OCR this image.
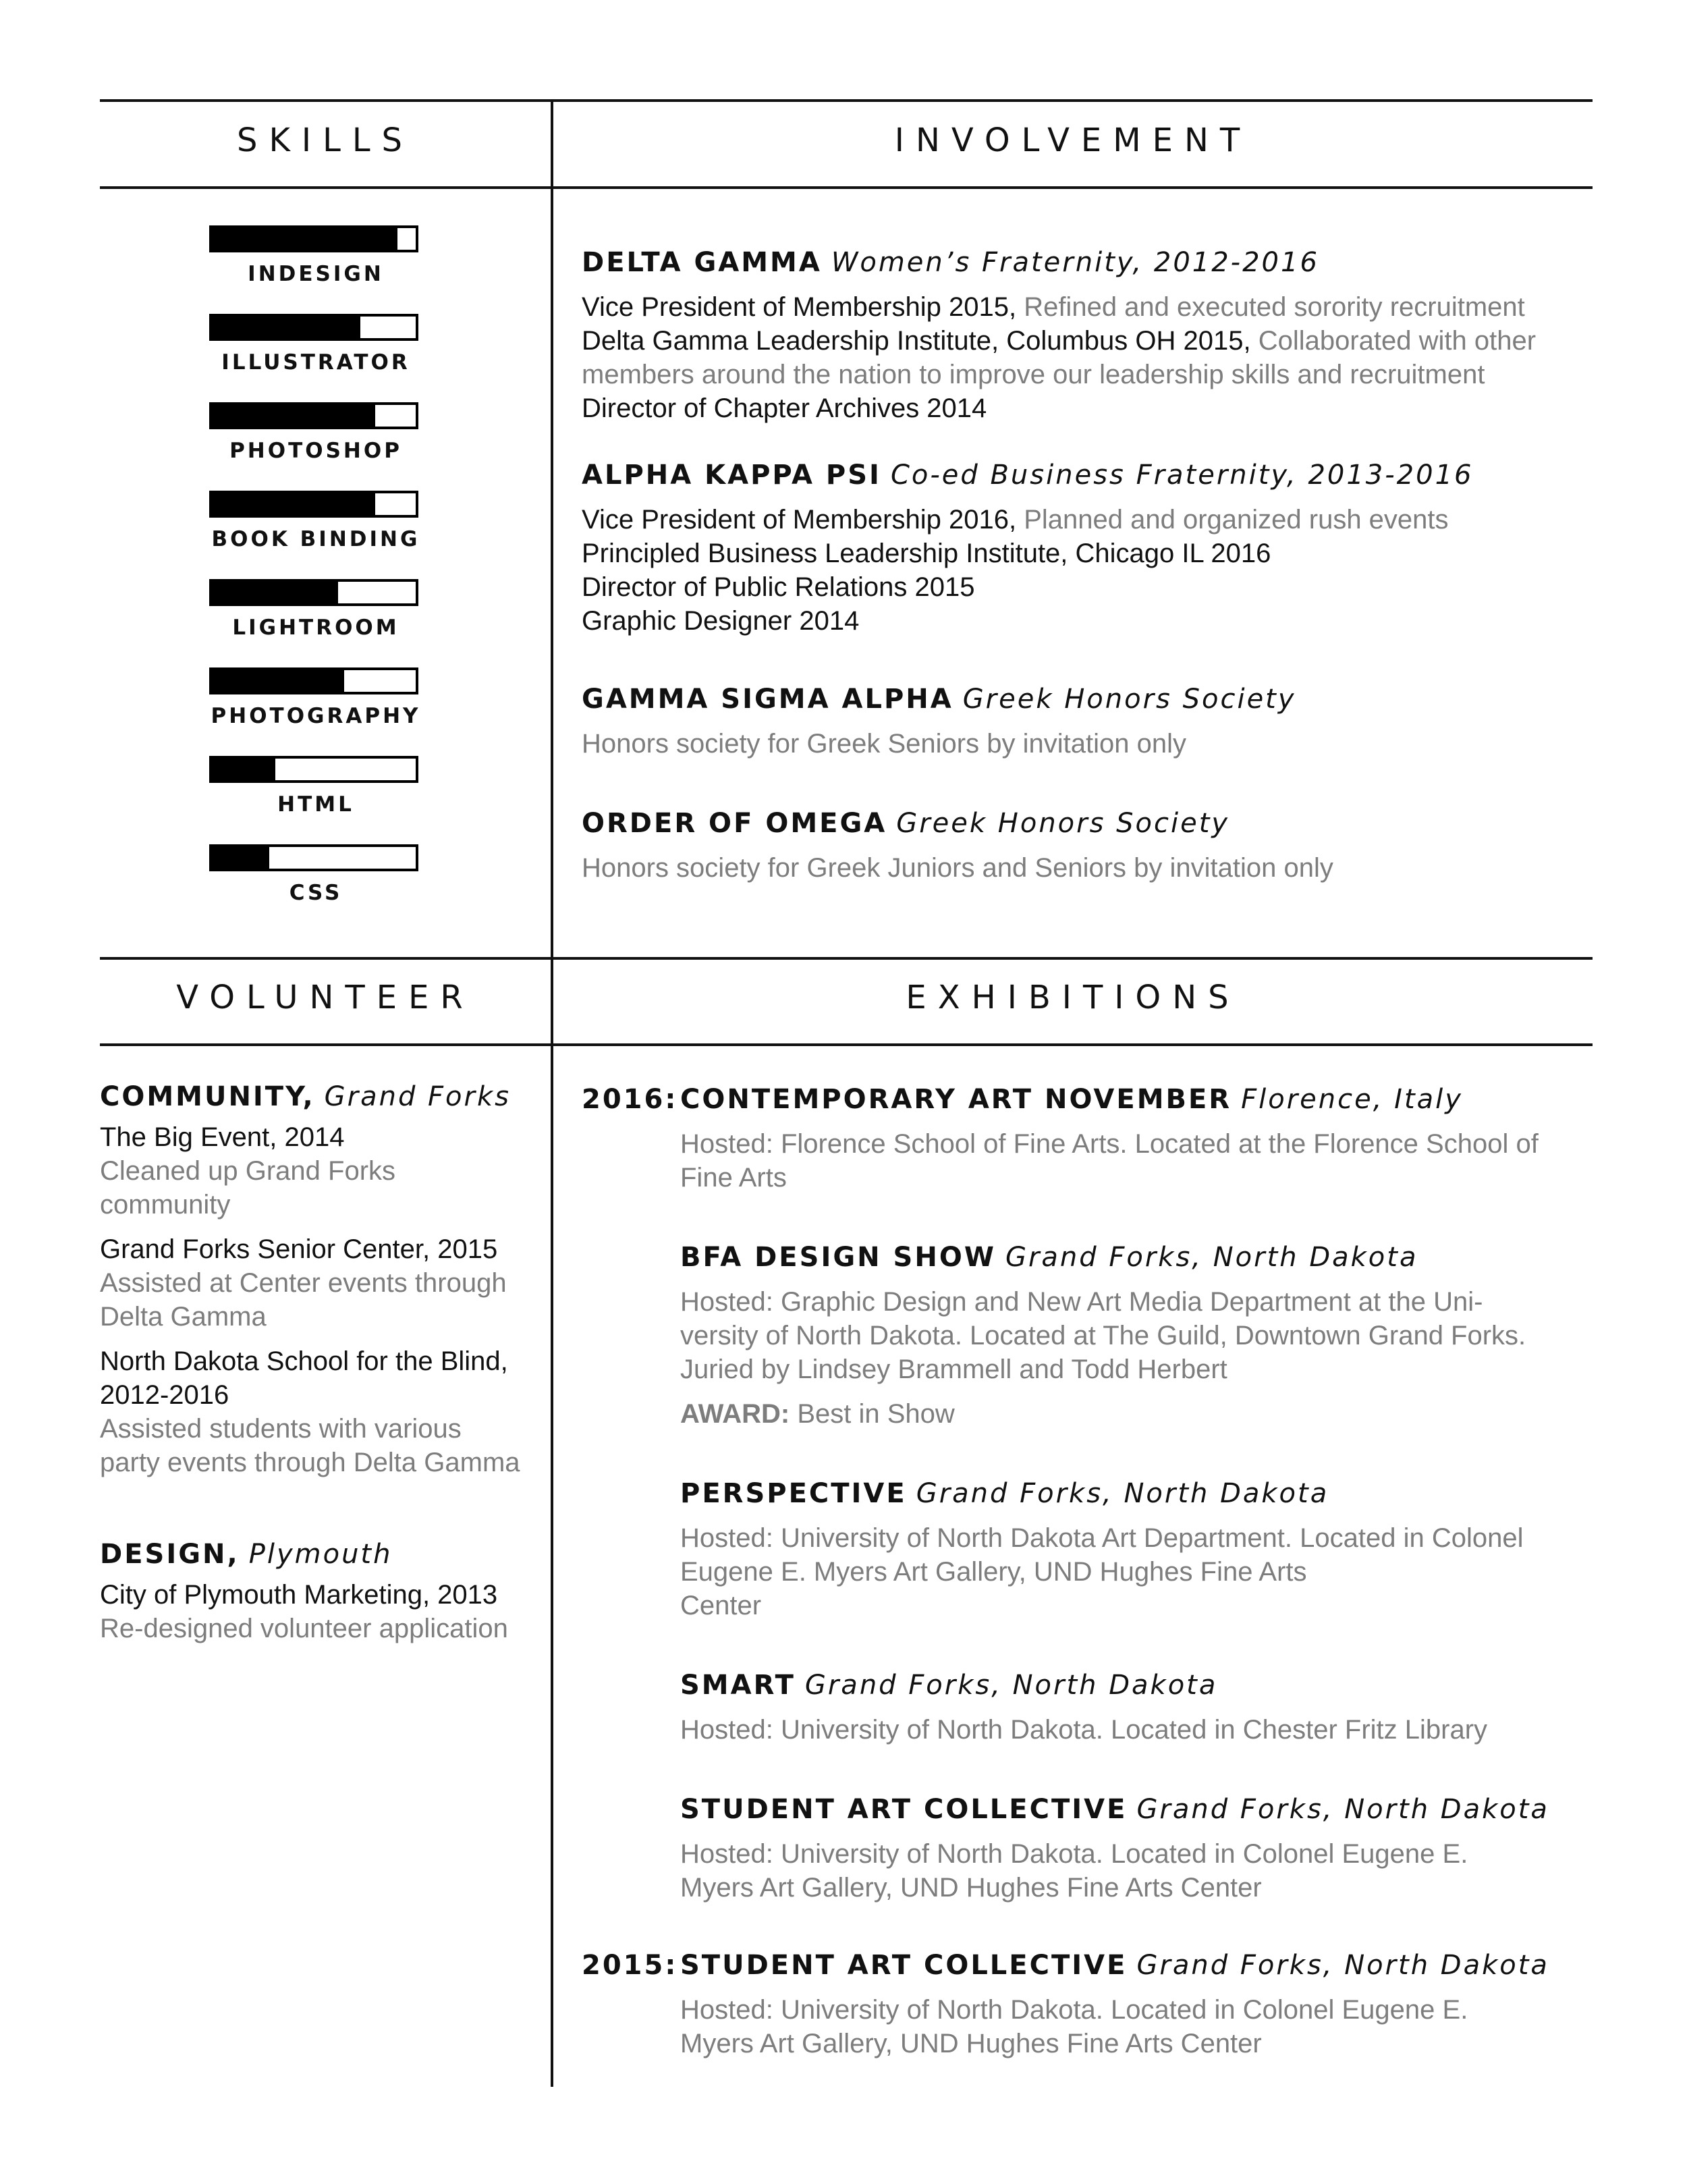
SKILLS	INVOLVEMENT
VOLUNTEER	EXHIBITIONS
INDESIGN
ILLUSTRATOR
PHOTOSHOP
BOOK BINDING
LIGHTROOM
PHOTOGRAPHY
HTML
CSS
DELTA GAMMA Women’s Fraternity, 2012-2016
Vice President of Membership 2015, Refined and executed sorority recruitment
Delta Gamma Leadership Institute, Columbus OH 2015, Collaborated with other
members around the nation to improve our leadership skills and recruitment
Director of Chapter Archives 2014
ALPHA KAPPA PSI Co-ed Business Fraternity, 2013-2016
Vice President of Membership 2016, Planned and organized rush events
Principled Business Leadership Institute, Chicago IL 2016
Director of Public Relations 2015
Graphic Designer 2014
GAMMA SIGMA ALPHA Greek Honors Society
Honors society for Greek Seniors by invitation only
ORDER OF OMEGA Greek Honors Society
Honors society for Greek Juniors and Seniors by invitation only
COMMUNITY, Grand Forks
The Big Event, 2014
Cleaned up Grand Forks
community
Grand Forks Senior Center, 2015
Assisted at Center events through
Delta Gamma
North Dakota School for the Blind,
2012-2016
Assisted students with various
party events through Delta Gamma
DESIGN, Plymouth
City of Plymouth Marketing, 2013
Re-designed volunteer application
2016:
2015:
CONTEMPORARY ART NOVEMBER Florence, Italy
Hosted: Florence School of Fine Arts. Located at the Florence School of
Fine Arts
BFA DESIGN SHOW Grand Forks, North Dakota
Hosted: Graphic Design and New Art Media Department at the Uni-
versity of North Dakota. Located at The Guild, Downtown Grand Forks.
Juried by Lindsey Brammell and Todd Herbert
AWARD: Best in Show
PERSPECTIVE Grand Forks, North Dakota
Hosted: University of North Dakota Art Department. Located in Colonel
Eugene E. Myers Art Gallery, UND Hughes Fine Arts
Center
SMART Grand Forks, North Dakota
Hosted: University of North Dakota. Located in Chester Fritz Library
STUDENT ART COLLECTIVE Grand Forks, North Dakota
Hosted: University of North Dakota. Located in Colonel Eugene E.
Myers Art Gallery, UND Hughes Fine Arts Center
STUDENT ART COLLECTIVE Grand Forks, North Dakota
Hosted: University of North Dakota. Located in Colonel Eugene E.
Myers Art Gallery, UND Hughes Fine Arts Center
